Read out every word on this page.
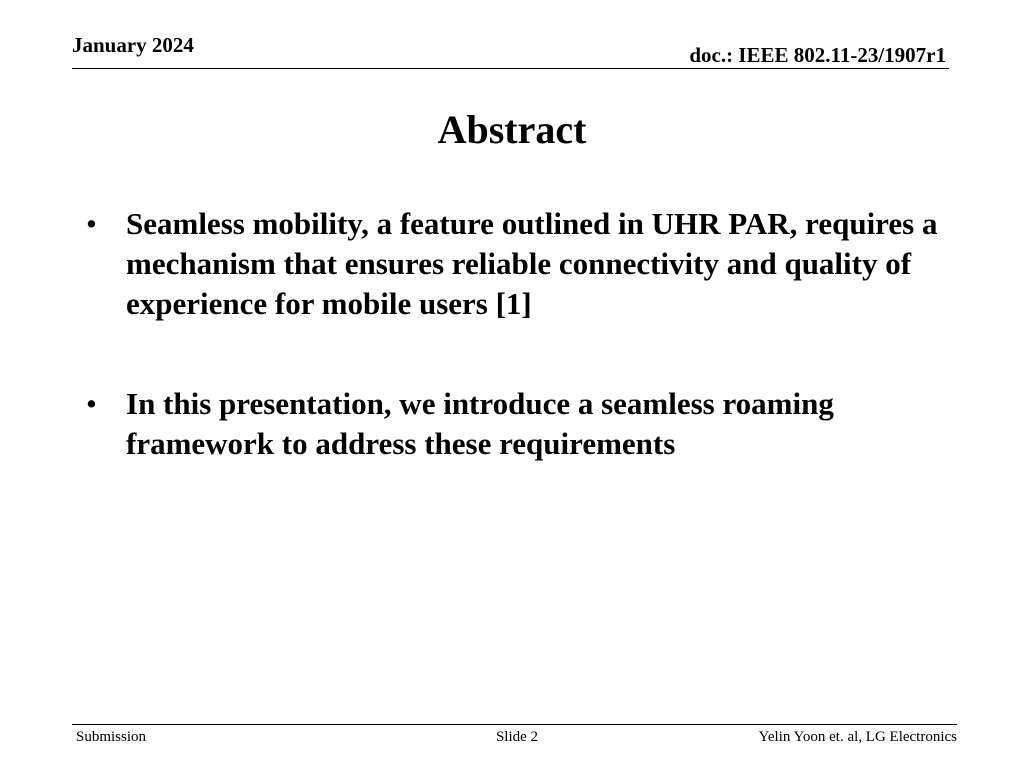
January 2024	doc.: IEEE 802.11-23/1907r1
Abstract
• Seamless mobility, a feature outlined in UHR PAR, requires a mechanism that ensures reliable connectivity and quality of experience for mobile users [1]
• In this presentation, we introduce a seamless roaming framework to address these requirements
Submission	Slide 2	Yelin Yoon et. al, LG Electronics
